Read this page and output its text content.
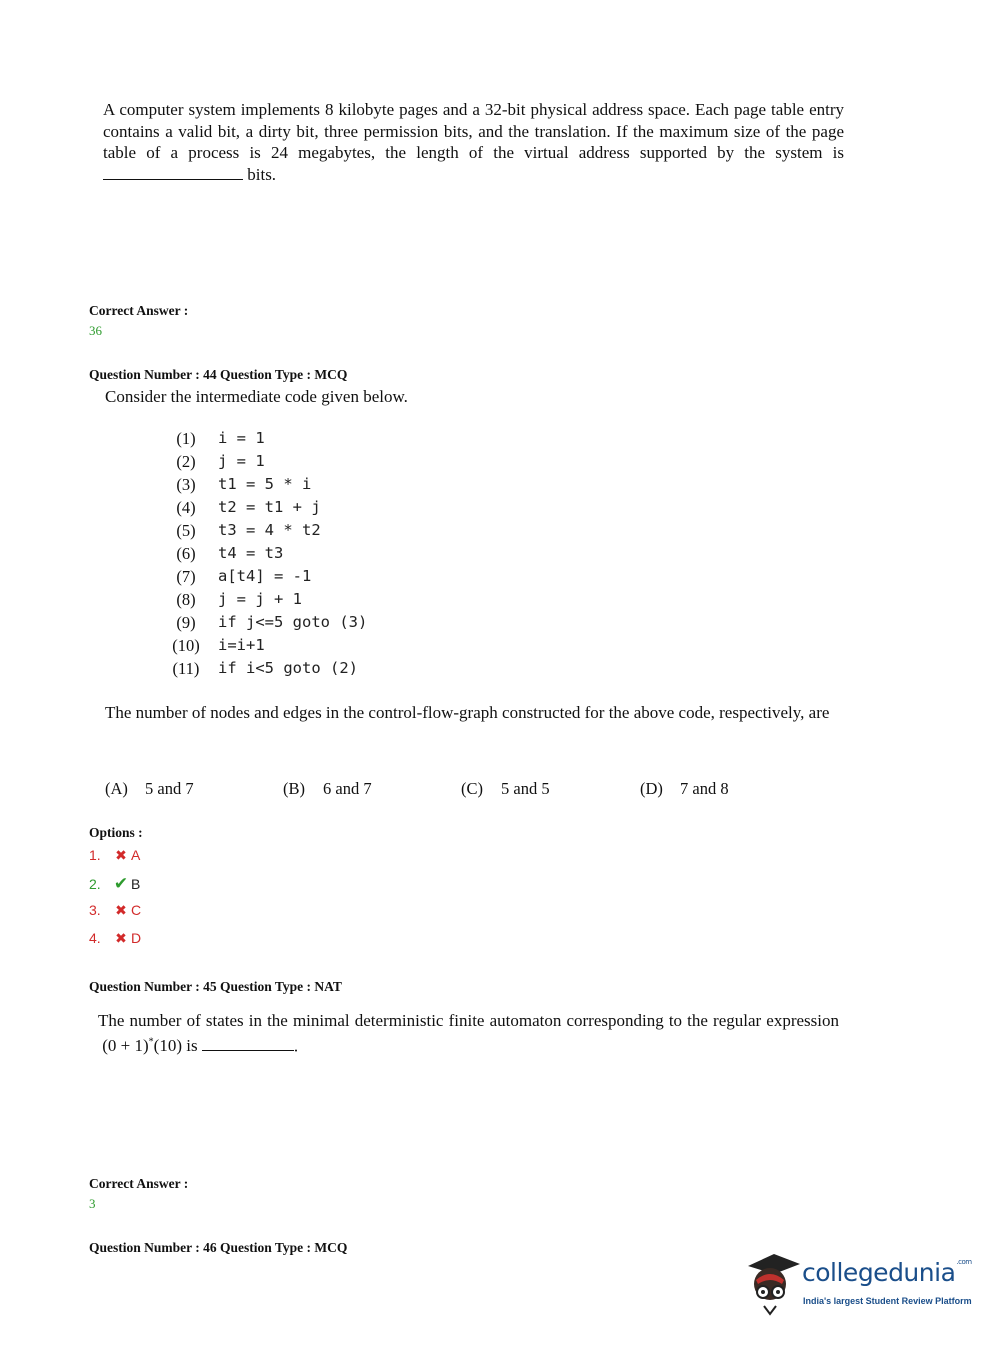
A computer system implements 8 kilobyte pages and a 32-bit physical address space. Each page table entry contains a valid bit, a dirty bit, three permission bits, and the translation. If the maximum size of the page table of a process is 24 megabytes, the length of the virtual address supported by the system is  bits.
Correct Answer :
36
Question Number : 44 Question Type : MCQ
Consider the intermediate code given below.
(1)	i = 1
(2)	j = 1
(3)	t1 = 5 * i
(4)	t2 = t1 + j
(5)	t3 = 4 * t2
(6)	t4 = t3
(7)	a[t4] = -1
(8)	j = j + 1
(9)	if j<=5 goto (3)
(10)	i=i+1
(11)	if i<5 goto (2)
The number of nodes and edges in the control-flow-graph constructed for the above code, respectively, are
(A) 5 and 7	(B) 6 and 7	(C) 5 and 5	(D) 7 and 8
Options :
1. ✖ A
2. ✔ B
3. ✖ C
4. ✖ D
Question Number : 45 Question Type : NAT
The number of states in the minimal deterministic finite automaton corresponding to the regular expression  (0 + 1)*(10) is	.
Correct Answer :
3
Question Number : 46 Question Type : MCQ
collegedunia$^{.com}$
India's largest Student Review Platform
